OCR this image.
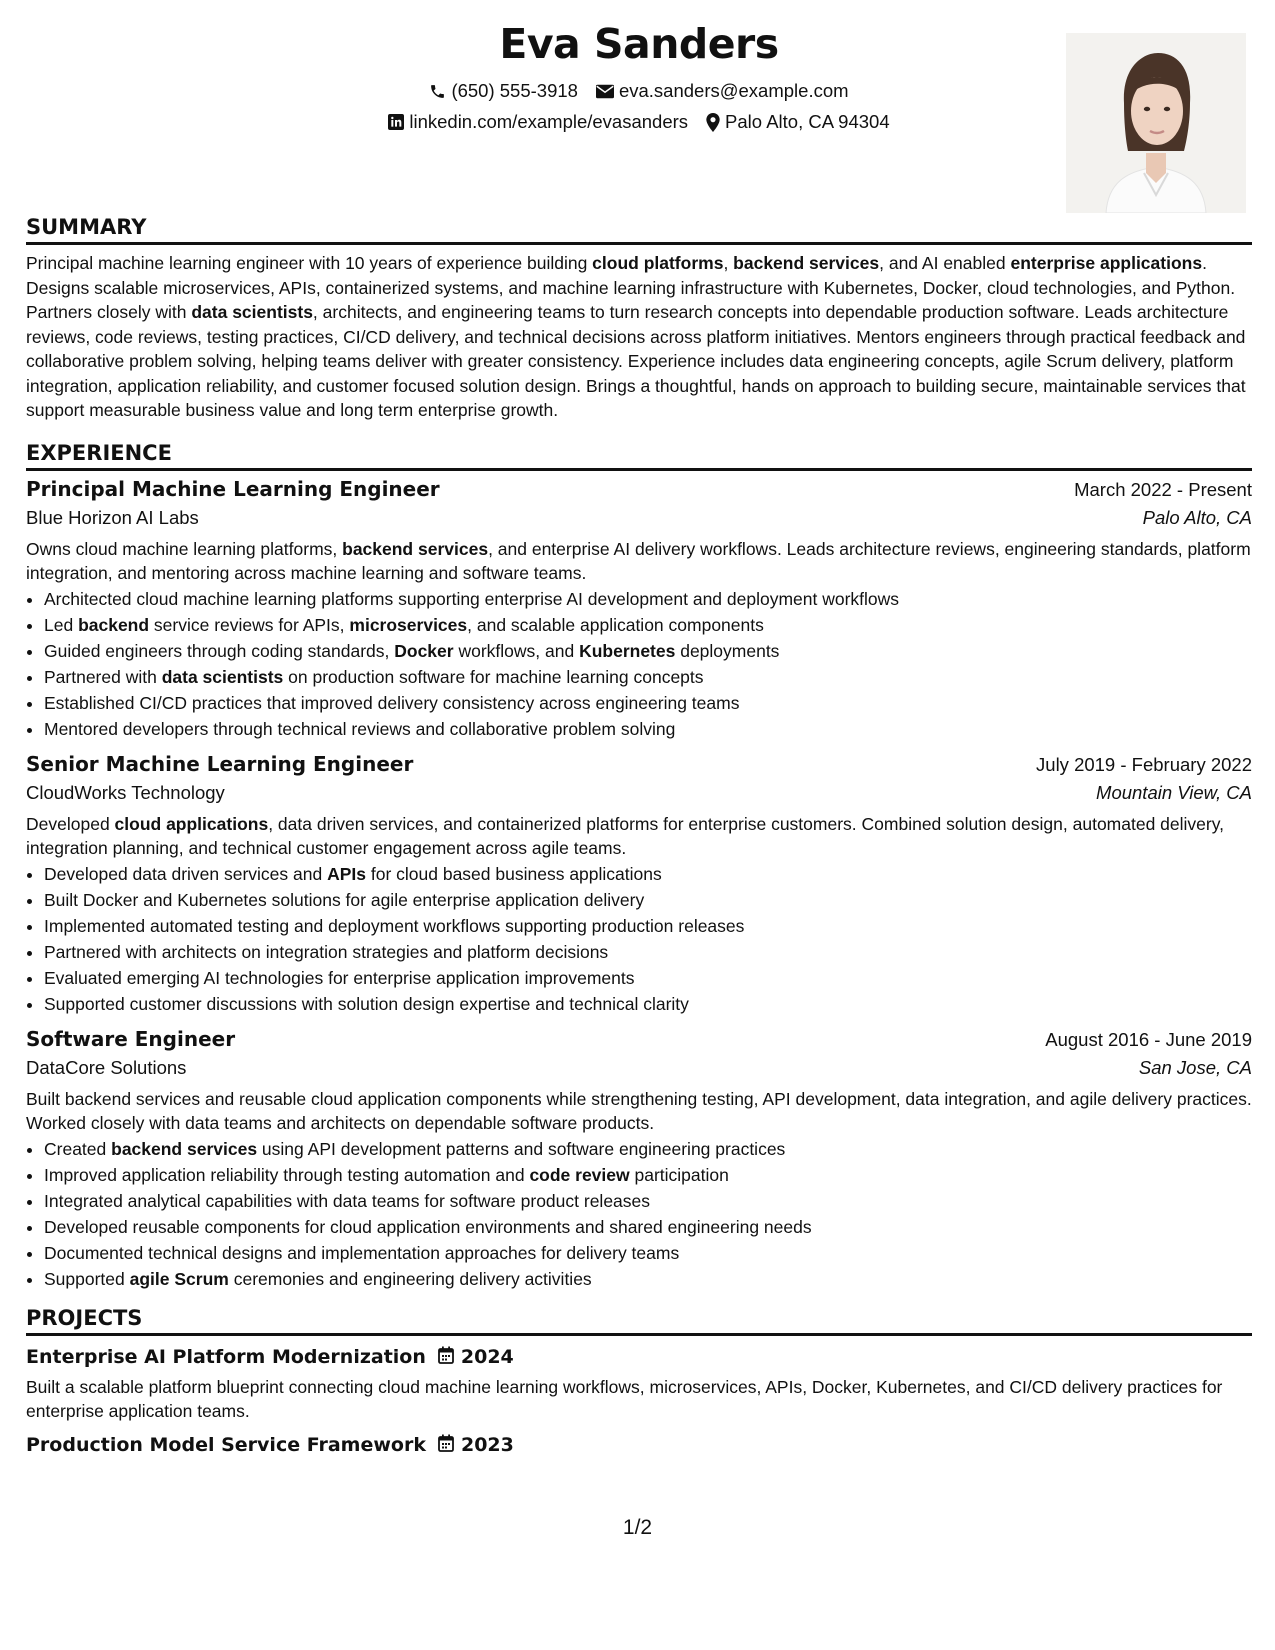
Eva Sanders
(650) 555-3918 eva.sanders@example.com
linkedin.com/example/evasanders Palo Alto, CA 94304
SUMMARY

Principal machine learning engineer with 10 years of experience building cloud platforms, backend services, and AI enabled enterprise applications. Designs scalable microservices, APIs, containerized systems, and machine learning infrastructure with Kubernetes, Docker, cloud technologies, and Python. Partners closely with data scientists, architects, and engineering teams to turn research concepts into dependable production software. Leads architecture reviews, code reviews, testing practices, CI/CD delivery, and technical decisions across platform initiatives. Mentors engineers through practical feedback and collaborative problem solving, helping teams deliver with greater consistency. Experience includes data engineering concepts, agile Scrum delivery, platform integration, application reliability, and customer focused solution design. Brings a thoughtful, hands on approach to building secure, maintainable services that support measurable business value and long term enterprise growth.

EXPERIENCE
Principal Machine Learning Engineer	March 2022 - Present
Blue Horizon AI Labs	Palo Alto, CA

Owns cloud machine learning platforms, backend services, and enterprise AI delivery workflows. Leads architecture reviews, engineering standards, platform integration, and mentoring across machine learning and software teams.

• Architected cloud machine learning platforms supporting enterprise AI development and deployment workflows
• Led backend service reviews for APIs, microservices, and scalable application components
• Guided engineers through coding standards, Docker workflows, and Kubernetes deployments
• Partnered with data scientists on production software for machine learning concepts
• Established CI/CD practices that improved delivery consistency across engineering teams
• Mentored developers through technical reviews and collaborative problem solving
Senior Machine Learning Engineer	July 2019 - February 2022
CloudWorks Technology	Mountain View, CA

Developed cloud applications, data driven services, and containerized platforms for enterprise customers. Combined solution design, automated delivery, integration planning, and technical customer engagement across agile teams.

• Developed data driven services and APIs for cloud based business applications
• Built Docker and Kubernetes solutions for agile enterprise application delivery
• Implemented automated testing and deployment workflows supporting production releases
• Partnered with architects on integration strategies and platform decisions
• Evaluated emerging AI technologies for enterprise application improvements
• Supported customer discussions with solution design expertise and technical clarity
Software Engineer	August 2016 - June 2019
DataCore Solutions	San Jose, CA

Built backend services and reusable cloud application components while strengthening testing, API development, data integration, and agile delivery practices. Worked closely with data teams and architects on dependable software products.

• Created backend services using API development patterns and software engineering practices
• Improved application reliability through testing automation and code review participation
• Integrated analytical capabilities with data teams for software product releases
• Developed reusable components for cloud application environments and shared engineering needs
• Documented technical designs and implementation approaches for delivery teams
• Supported agile Scrum ceremonies and engineering delivery activities
PROJECTS
Enterprise AI Platform Modernization 2024

Built a scalable platform blueprint connecting cloud machine learning workflows, microservices, APIs, Docker, Kubernetes, and CI/CD delivery practices for enterprise application teams.

Production Model Service Framework 2023
1/2
